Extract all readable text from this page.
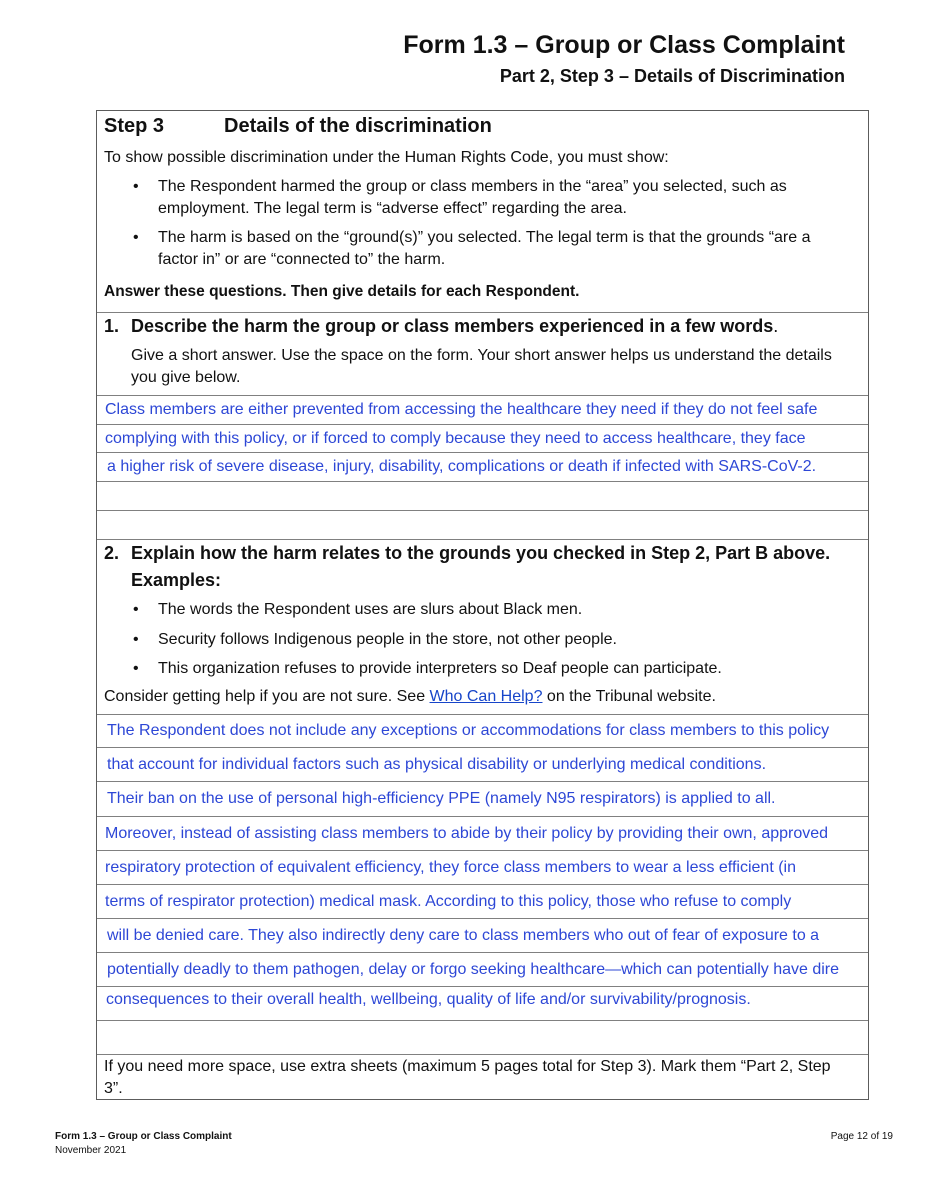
Form 1.3 – Group or Class Complaint
Part 2, Step 3 – Details of Discrimination
Step 3	Details of the discrimination
To show possible discrimination under the Human Rights Code, you must show:
• The Respondent harmed the group or class members in the “area” you selected, such as
employment. The legal term is “adverse effect” regarding the area.
• The harm is based on the “ground(s)” you selected. The legal term is that the grounds “are a
factor in” or are “connected to” the harm.
Answer these questions. Then give details for each Respondent.
1. Describe the harm the group or class members experienced in a few words.
Give a short answer. Use the space on the form. Your short answer helps us understand the details
you give below.
Class members are either prevented from accessing the healthcare they need if they do not feel safe
complying with this policy, or if forced to comply because they need to access healthcare, they face
a higher risk of severe disease, injury, disability, complications or death if infected with SARS-CoV-2.
2. Explain how the harm relates to the grounds you checked in Step 2, Part B above.
Examples:
• The words the Respondent uses are slurs about Black men.
• Security follows Indigenous people in the store, not other people.
• This organization refuses to provide interpreters so Deaf people can participate.
Consider getting help if you are not sure. See Who Can Help? on the Tribunal website.
The Respondent does not include any exceptions or accommodations for class members to this policy
that account for individual factors such as physical disability or underlying medical conditions.
Their ban on the use of personal high-efficiency PPE (namely N95 respirators) is applied to all.
Moreover, instead of assisting class members to abide by their policy by providing their own, approved
respiratory protection of equivalent efficiency, they force class members to wear a less efficient (in
terms of respirator protection) medical mask. According to this policy, those who refuse to comply
will be denied care. They also indirectly deny care to class members who out of fear of exposure to a
potentially deadly to them pathogen, delay or forgo seeking healthcare—which can potentially have dire
consequences to their overall health, wellbeing, quality of life and/or survivability/prognosis.
If you need more space, use extra sheets (maximum 5 pages total for Step 3). Mark them “Part 2, Step
3”.
Form 1.3 – Group or Class Complaint
November 2021
Page 12 of 19
